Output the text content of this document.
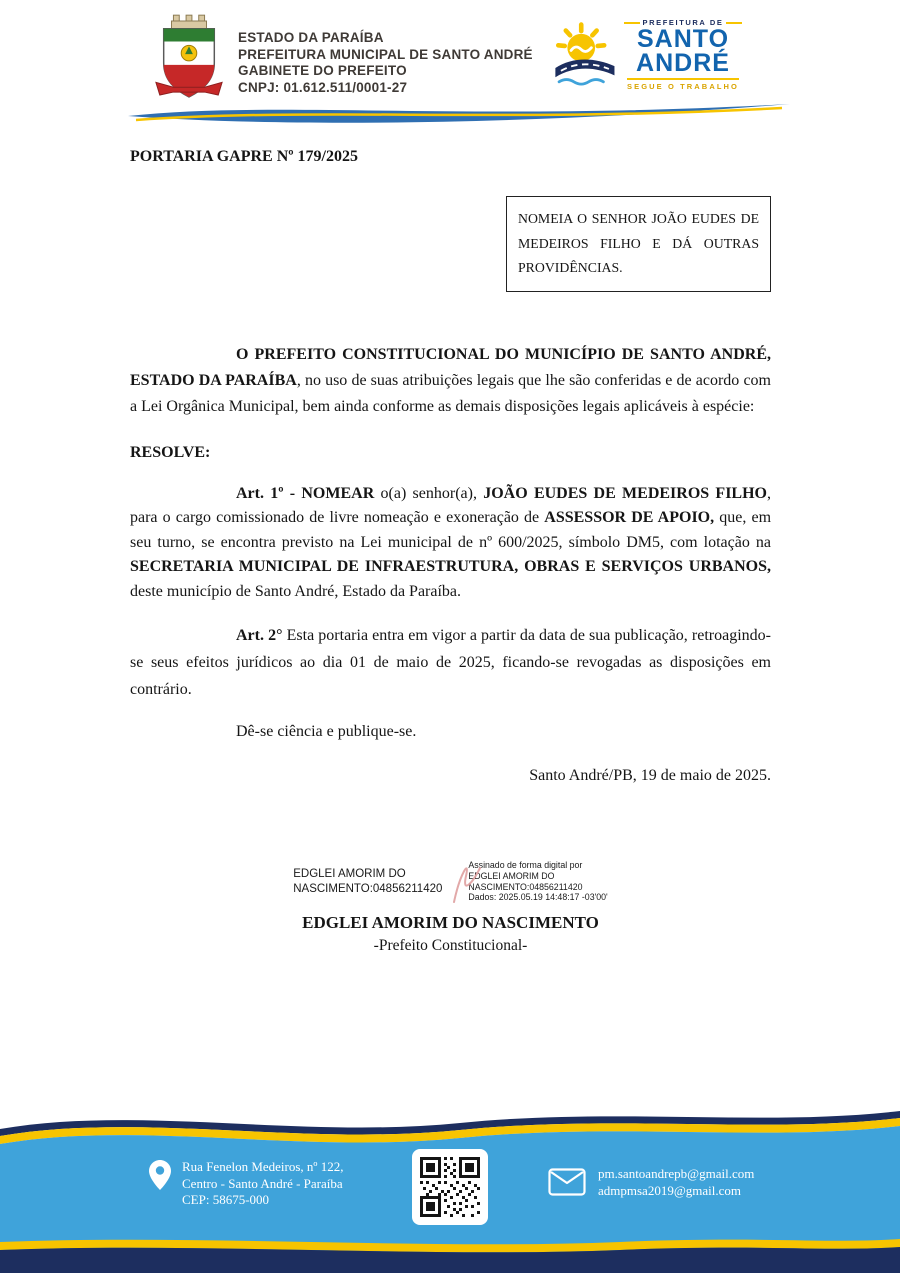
ESTADO DA PARAÍBA
PREFEITURA MUNICIPAL DE SANTO ANDRÉ
GABINETE DO PREFEITO
CNPJ: 01.612.511/0001-27
PREFEITURA DE
SANTO
ANDRÉ
SEGUE O TRABALHO
PORTARIA GAPRE Nº 179/2025
NOMEIA O SENHOR JOÃO EUDES DE MEDEIROS FILHO E DÁ OUTRAS PROVIDÊNCIAS.

O PREFEITO CONSTITUCIONAL DO MUNICÍPIO DE SANTO ANDRÉ, ESTADO DA PARAÍBA, no uso de suas atribuições legais que lhe são conferidas e de acordo com a Lei Orgânica Municipal, bem ainda conforme as demais disposições legais aplicáveis à espécie:

RESOLVE:

Art. 1º - NOMEAR o(a) senhor(a), JOÃO EUDES DE MEDEIROS FILHO, para o cargo comissionado de livre nomeação e exoneração de ASSESSOR DE APOIO, que, em seu turno, se encontra previsto na Lei municipal de nº 600/2025, símbolo DM5, com lotação na SECRETARIA MUNICIPAL DE INFRAESTRUTURA, OBRAS E SERVIÇOS URBANOS, deste município de Santo André, Estado da Paraíba.

Art. 2° Esta portaria entra em vigor a partir da data de sua publicação, retroagindo-se seus efeitos jurídicos ao dia 01 de maio de 2025, ficando-se revogadas as disposições em contrário.

Dê-se ciência e publique-se.

Santo André/PB, 19 de maio de 2025.

EDGLEI AMORIM DO
NASCIMENTO:04856211420
Assinado de forma digital por
EDGLEI AMORIM DO
NASCIMENTO:04856211420
Dados: 2025.05.19 14:48:17 -03'00'
EDGLEI AMORIM DO NASCIMENTO
-Prefeito Constitucional-
Rua Fenelon Medeiros, nº 122,
Centro - Santo André - Paraíba
CEP: 58675-000
pm.santoandrepb@gmail.com
admpmsa2019@gmail.com
